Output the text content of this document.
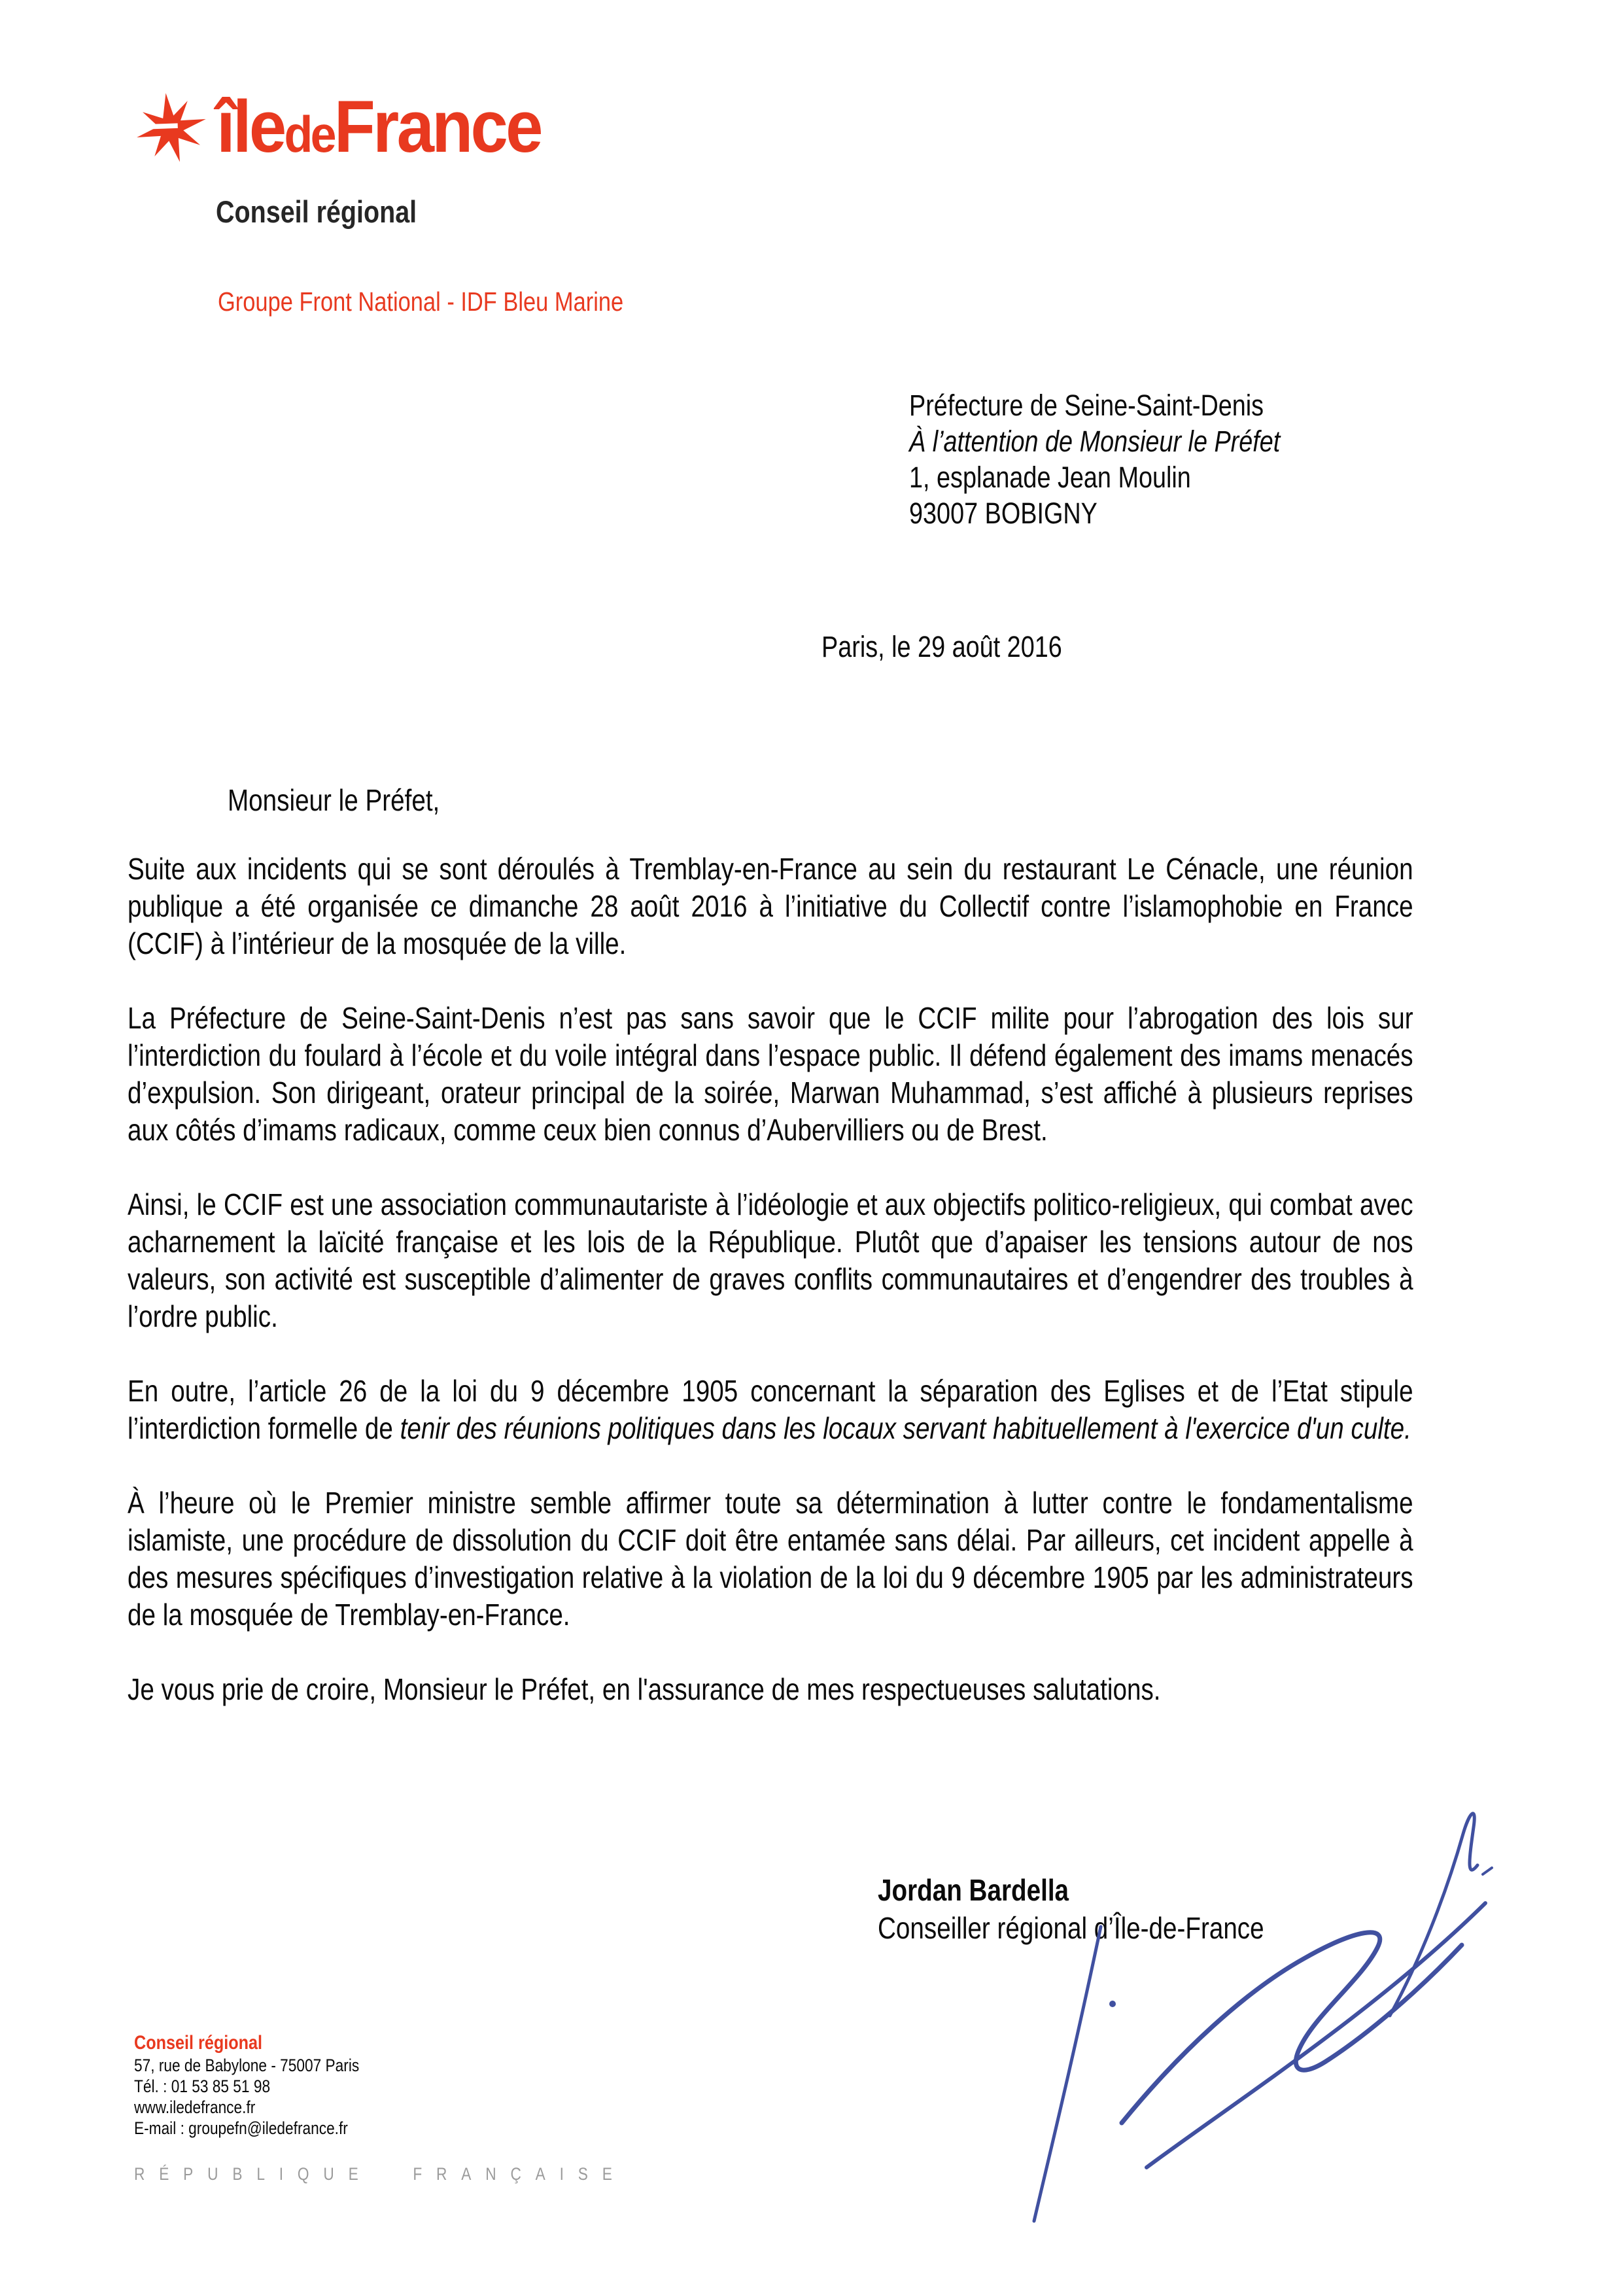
île de France
Conseil régional
Groupe Front National - IDF Bleu Marine
Préfecture de Seine-Saint-Denis
À l’attention de Monsieur le Préfet
1, esplanade Jean Moulin
93007 BOBIGNY
Paris, le 29 août 2016
Monsieur le Préfet,

Suite aux incidents qui se sont déroulés à Tremblay-en-France au sein du restaurant Le Cénacle, une réunion publique a été organisée ce dimanche 28 août 2016 à l’initiative du Collectif contre l’islamophobie en France (CCIF) à l’intérieur de la mosquée de la ville.

La Préfecture de Seine-Saint-Denis n’est pas sans savoir que le CCIF milite pour l’abrogation des lois sur l’interdiction du foulard à l’école et du voile intégral dans l’espace public. Il défend également des imams menacés d’expulsion. Son dirigeant, orateur principal de la soirée, Marwan Muhammad, s’est affiché à plusieurs reprises aux côtés d’imams radicaux, comme ceux bien connus d’Aubervilliers ou de Brest.

Ainsi, le CCIF est une association communautariste à l’idéologie et aux objectifs politico-religieux, qui combat avec acharnement la laïcité française et les lois de la République. Plutôt que d’apaiser les tensions autour de nos valeurs, son activité est susceptible d’alimenter de graves conflits communautaires et d’engendrer des troubles à l’ordre public.

En outre, l’article 26 de la loi du 9 décembre 1905 concernant la séparation des Eglises et de l’Etat stipule l’interdiction formelle de tenir des réunions politiques dans les locaux servant habituellement à l'exercice d'un culte.

À l’heure où le Premier ministre semble affirmer toute sa détermination à lutter contre le fondamentalisme islamiste, une procédure de dissolution du CCIF doit être entamée sans délai. Par ailleurs, cet incident appelle à des mesures spécifiques d’investigation relative à la violation de la loi du 9 décembre 1905 par les administrateurs de la mosquée de Tremblay-en-France.

Je vous prie de croire, Monsieur le Préfet, en l'assurance de mes respectueuses salutations.

Jordan Bardella
Conseiller régional d’Île-de-France
Conseil régional
57, rue de Babylone - 75007 Paris
Tél. : 01 53 85 51 98
www.iledefrance.fr
E-mail : groupefn@iledefrance.fr
RÉPUBLIQUE FRANÇAISE
